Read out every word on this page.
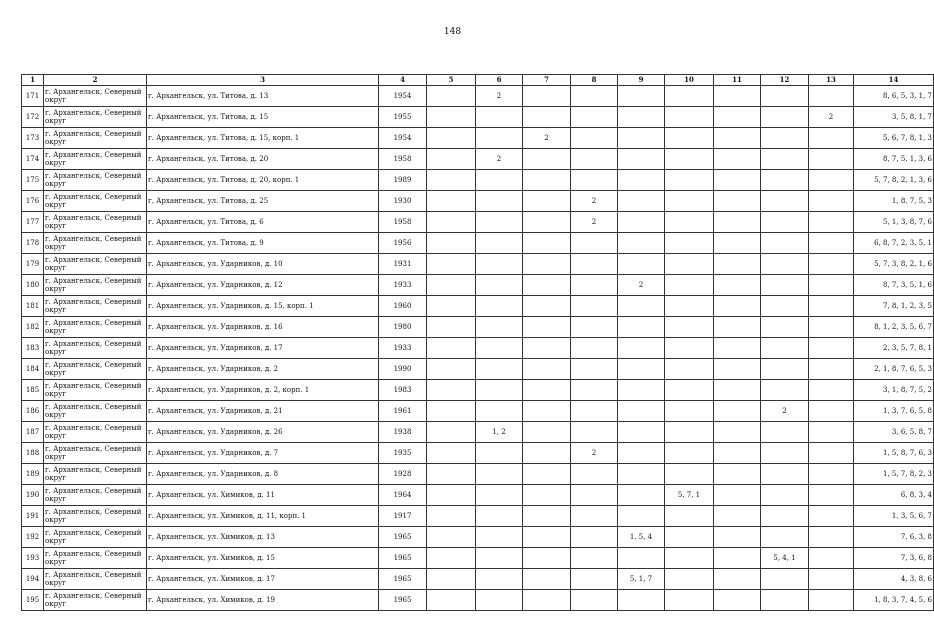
148
1	2	3	4	5	6	7	8	9	10	11	12	13	14
171	г. Архангельск, Северный округ	г. Архангельск, ул. Титова, д. 13	1954		2								8, 6, 5, 3, 1, 7
172	г. Архангельск, Северный округ	г. Архангельск, ул. Титова, д. 15	1955									2	3, 5, 8, 1, 7
173	г. Архангельск, Северный округ	г. Архангельск, ул. Титова, д. 15, корп. 1	1954			2							5, 6, 7, 8, 1, 3
174	г. Архангельск, Северный округ	г. Архангельск, ул. Титова, д. 20	1958		2								8, 7, 5, 1, 3, 6
175	г. Архангельск, Северный округ	г. Архангельск, ул. Титова, д. 20, корп. 1	1989										5, 7, 8, 2, 1, 3, 6
176	г. Архангельск, Северный округ	г. Архангельск, ул. Титова, д. 25	1930				2						1, 8, 7, 5, 3
177	г. Архангельск, Северный округ	г. Архангельск, ул. Титова, д. 6	1958				2						5, 1, 3, 8, 7, 6
178	г. Архангельск, Северный округ	г. Архангельск, ул. Титова, д. 9	1956										6, 8, 7, 2, 3, 5, 1
179	г. Архангельск, Северный округ	г. Архангельск, ул. Ударников, д. 10	1931										5, 7, 3, 8, 2, 1, 6
180	г. Архангельск, Северный округ	г. Архангельск, ул. Ударников, д. 12	1933					2					8, 7, 3, 5, 1, 6
181	г. Архангельск, Северный округ	г. Архангельск, ул. Ударников, д. 15, корп. 1	1960										7, 8, 1, 2, 3, 5
182	г. Архангельск, Северный округ	г. Архангельск, ул. Ударников, д. 16	1980										8, 1, 2, 3, 5, 6, 7
183	г. Архангельск, Северный округ	г. Архангельск, ул. Ударников, д. 17	1933										2, 3, 5, 7, 8, 1
184	г. Архангельск, Северный округ	г. Архангельск, ул. Ударников, д. 2	1990										2, 1, 8, 7, 6, 5, 3
185	г. Архангельск, Северный округ	г. Архангельск, ул. Ударников, д. 2, корп. 1	1983										3, 1, 8, 7, 5, 2
186	г. Архангельск, Северный округ	г. Архангельск, ул. Ударников, д. 21	1961								2		1, 3, 7, 6, 5, 8
187	г. Архангельск, Северный округ	г. Архангельск, ул. Ударников, д. 26	1938		1, 2								3, 6, 5, 8, 7
188	г. Архангельск, Северный округ	г. Архангельск, ул. Ударников, д. 7	1935				2						1, 5, 8, 7, 6, 3
189	г. Архангельск, Северный округ	г. Архангельск, ул. Ударников, д. 8	1928										1, 5, 7, 8, 2, 3
190	г. Архангельск, Северный округ	г. Архангельск, ул. Химиков, д. 11	1964						5, 7, 1				6, 8, 3, 4
191	г. Архангельск, Северный округ	г. Архангельск, ул. Химиков, д. 11, корп. 1	1917										1, 3, 5, 6, 7
192	г. Архангельск, Северный округ	г. Архангельск, ул. Химиков, д. 13	1965					1, 5, 4					7, 6, 3, 8
193	г. Архангельск, Северный округ	г. Архангельск, ул. Химиков, д. 15	1965								5, 4, 1		7, 3, 6, 8
194	г. Архангельск, Северный округ	г. Архангельск, ул. Химиков, д. 17	1965					5, 1, 7					4, 3, 8, 6
195	г. Архангельск, Северный округ	г. Архангельск, ул. Химиков, д. 19	1965										1, 8, 3, 7, 4, 5, 6
